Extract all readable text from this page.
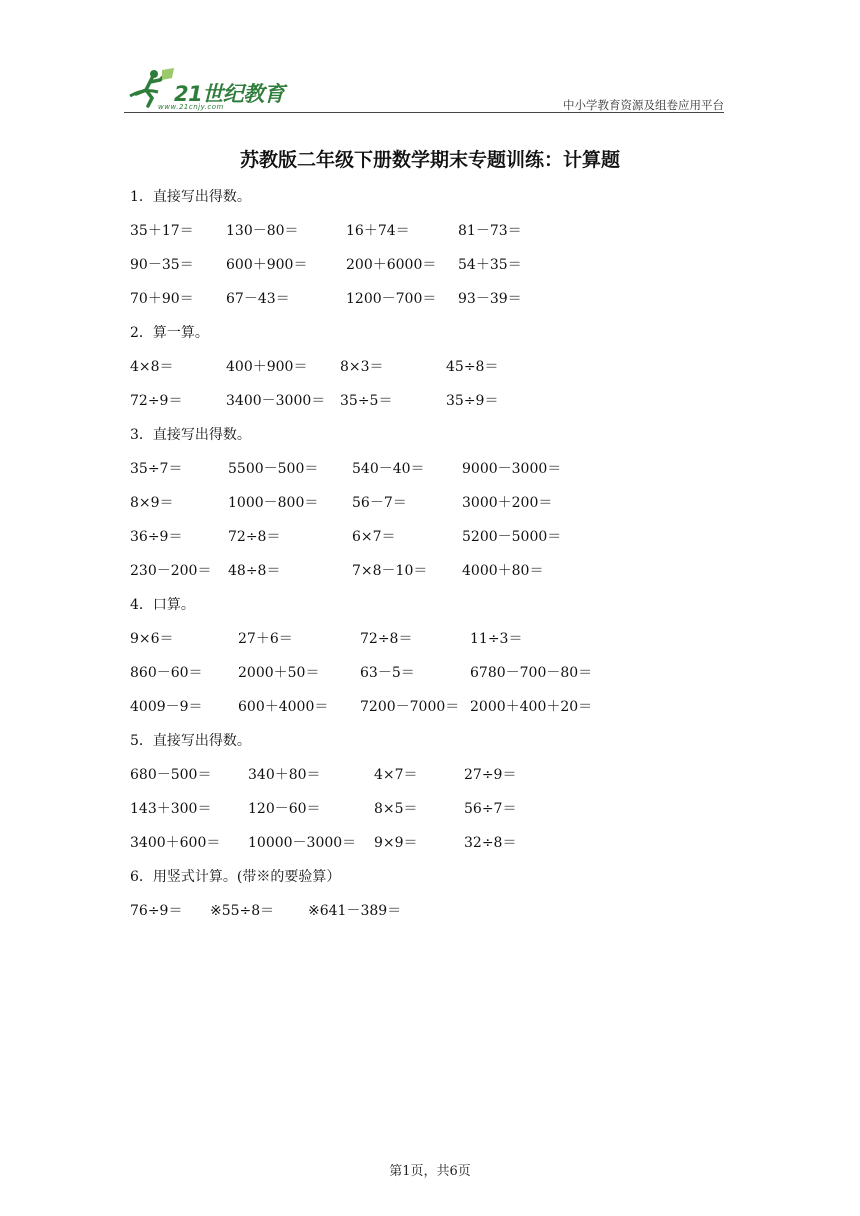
21世纪教育
www.21cnjy.com	中小学教育资源及组卷应用平台
苏教版二年级下册数学期末专题训练：计算题
1．直接写出得数。
35＋17＝ 130－80＝	16＋74＝	81－73＝
90－35＝ 600＋900＝	200＋6000＝ 54＋35＝
70＋90＝ 67－43＝	1200－700＝ 93－39＝
2．算一算。
4×8＝	400＋900＝ 8×3＝	45÷8＝
72÷9＝	3400－3000＝ 35÷5＝	35÷9＝
3．直接写出得数。
35÷7＝	5500－500＝ 540－40＝	9000－3000＝
8×9＝	1000－800＝ 56－7＝	3000＋200＝
36÷9＝	72÷8＝	6×7＝	5200－5000＝
230－200＝ 48÷8＝	7×8－10＝ 4000＋80＝
4．口算。
9×6＝	27＋6＝	72÷8＝	11÷3＝
860－60＝	2000＋50＝	63－5＝	6780－700－80＝
4009－9＝	600＋4000＝ 7200－7000＝ 2000＋400＋20＝
5．直接写出得数。
680－500＝	340＋80＝	4×7＝	27÷9＝
143＋300＝	120－60＝	8×5＝	56÷7＝
3400＋600＝ 10000－3000＝ 9×9＝	32÷8＝
6．用竖式计算。(带※的要验算）
76÷9＝ ※55÷8＝ ※641－389＝
第1页，共6页
